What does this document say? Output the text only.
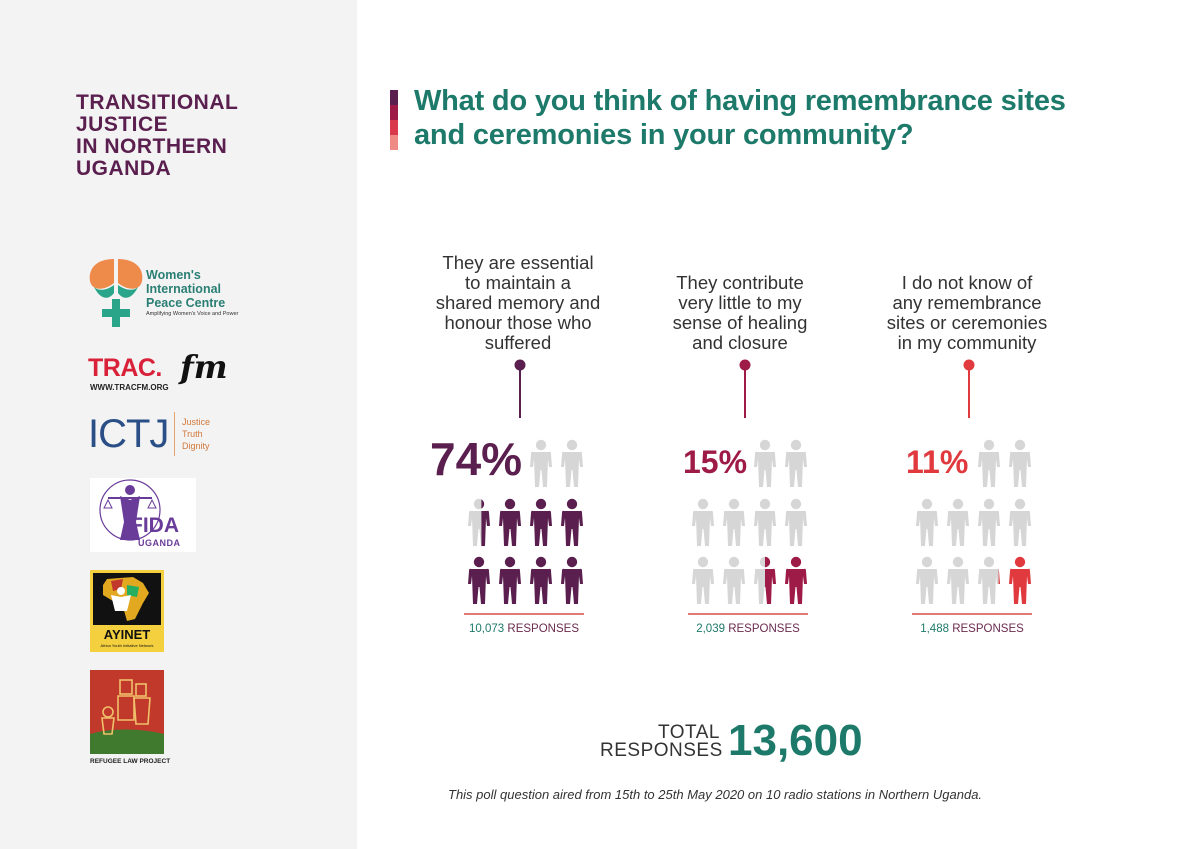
TRANSITIONAL
JUSTICE
IN NORTHERN
UGANDA
Women's
International
Peace Centre
Amplifying Women's Voice and Power
TRAC. fm
WWW.TRACFM.ORG
ICTJ Justice
Truth
Dignity
FIDA
UGANDA
AYINET
Africa Youth Initiative Network
REFUGEE LAW PROJECT
What do you think of having remembrance sites
and ceremonies in your community?
They are essential
to maintain a
shared memory and
honour those who
suffered
They contribute
very little to my
sense of healing
and closure
I do not know of
any remembrance
sites or ceremonies
in my community
74%	15%	11%
10,073 RESPONSES	2,039 RESPONSES	1,488 RESPONSES
TOTAL
RESPONSES 13,600
This poll question aired from 15th to 25th May 2020 on 10 radio stations in Northern Uganda.
